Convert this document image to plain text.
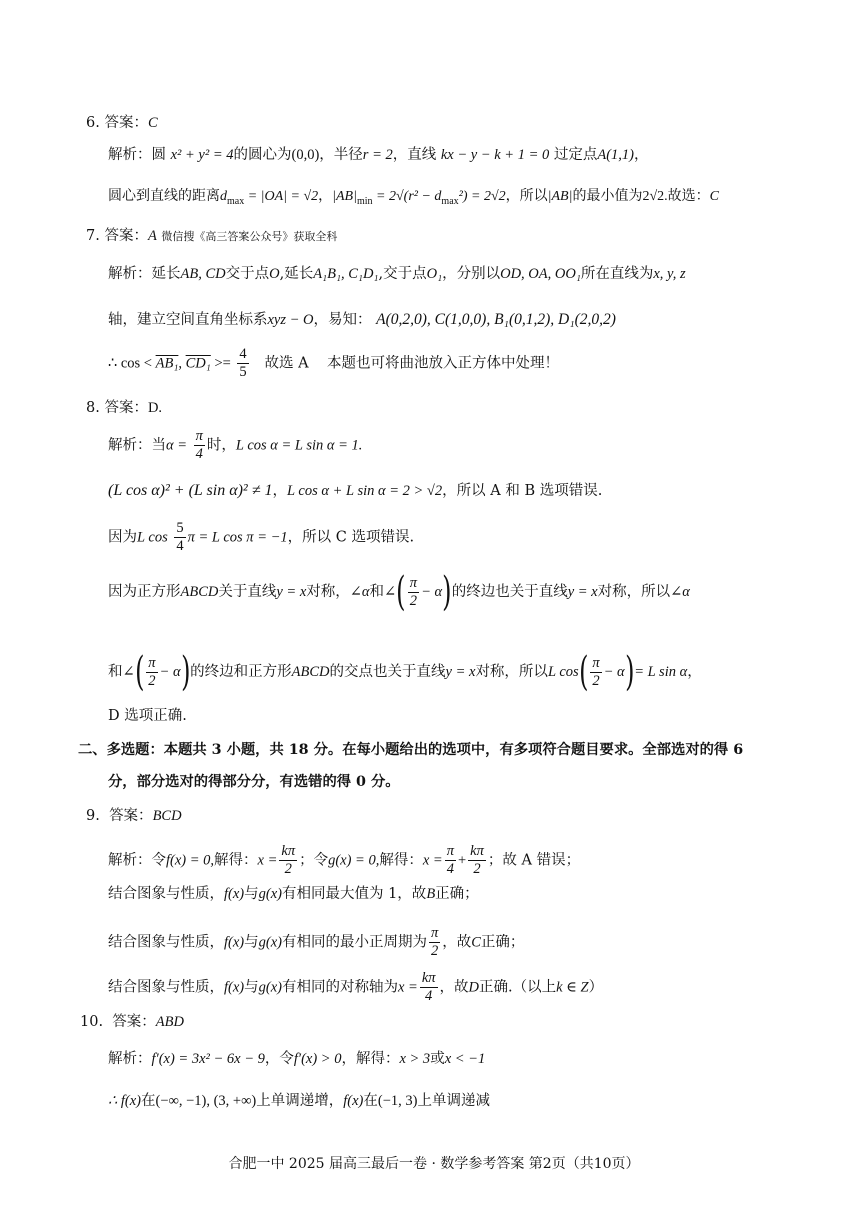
6. 答案：C
解析：圆 x² + y² = 4的圆心为(0,0)，半径r = 2，直线 kx − y − k + 1 = 0 过定点A(1,1)，
圆心到直线的距离$d_{max} = |OA| = √2$，$|AB|_{min} = 2√(r^2 - d_{max}^2) = 2√2$，所以|AB|的最小值为2√2.故选：C
7. 答案：A 微信搜《高三答案公众号》获取全科
解析：延长AB, CD交于点O,延长A₁B₁, C₁D₁,交于点O₁，分别以OD, OA, OO₁所在直线为x, y, z
轴，建立空间直角坐标系xyz − O，易知： A(0,2,0), C(1,0,0), B₁(0,1,2), D₁(2,0,2)
∴ cos < AB₁, $CD_1 >= \frac{4}{5}$ 故选 A 本题也可将曲池放入正方体中处理！
8. 答案：D.
解析：当$\alpha = \frac{\pi}{4}$ 时，L cos α = L sin α = 1.
(L cos α)² + (L sin α)² ≠ 1，L cos α + L sin α = 2 > √2，所以 A 和 B 选项错误.
因为L $\cos \frac{5}{4}$ π = L cos π = −1，所以 C 选项错误.
因为正方形ABCD关于直线y = x对称，∠α和∠( $\frac{\pi}{2} - \alpha$)的终边也关于直线y = x对称，所以∠α
和∠( $\frac{\pi}{2} - \alpha$)的终边和正方形ABCD的交点也关于直线y = x对称，所以L $\cos( \frac{\pi}{2} - \alpha)= L$ sin α，
D 选项正确.
二、多选题：本题共 3 小题，共 18 分。在每小题给出的选项中，有多项符合题目要求。全部选对的得 6
分，部分选对的得部分分，有选错的得 0 分。
9. 答案：BCD
解析：令f(x) = 0,解得：$x = \frac{k\pi}{2}$ ；令g(x) = 0,解得：$x = \frac{\pi}{4} + \frac{k\pi}{2}$ ；故 A 错误；
结合图象与性质，f(x)与g(x)有相同最大值为 1，故B正确；
结合图象与性质，f(x)与g(x)有相同的最小正周期为 $\frac{\pi}{2}$ ，故C正确；
结合图象与性质，f(x)与g(x)有相同的对称轴为$x = \frac{k\pi}{4}$ ，故D正确.（以上k ∈ Z）
10. 答案：ABD
解析：f′(x) = 3x² − 6x − 9，令f′(x) > 0，解得：x > 3或x < −1
∴ f(x)在(−∞, −1), (3, +∞)上单调递增，f(x)在(−1, 3)上单调递减
合肥一中 2025 届高三最后一卷 · 数学参考答案 第2页（共10页）
